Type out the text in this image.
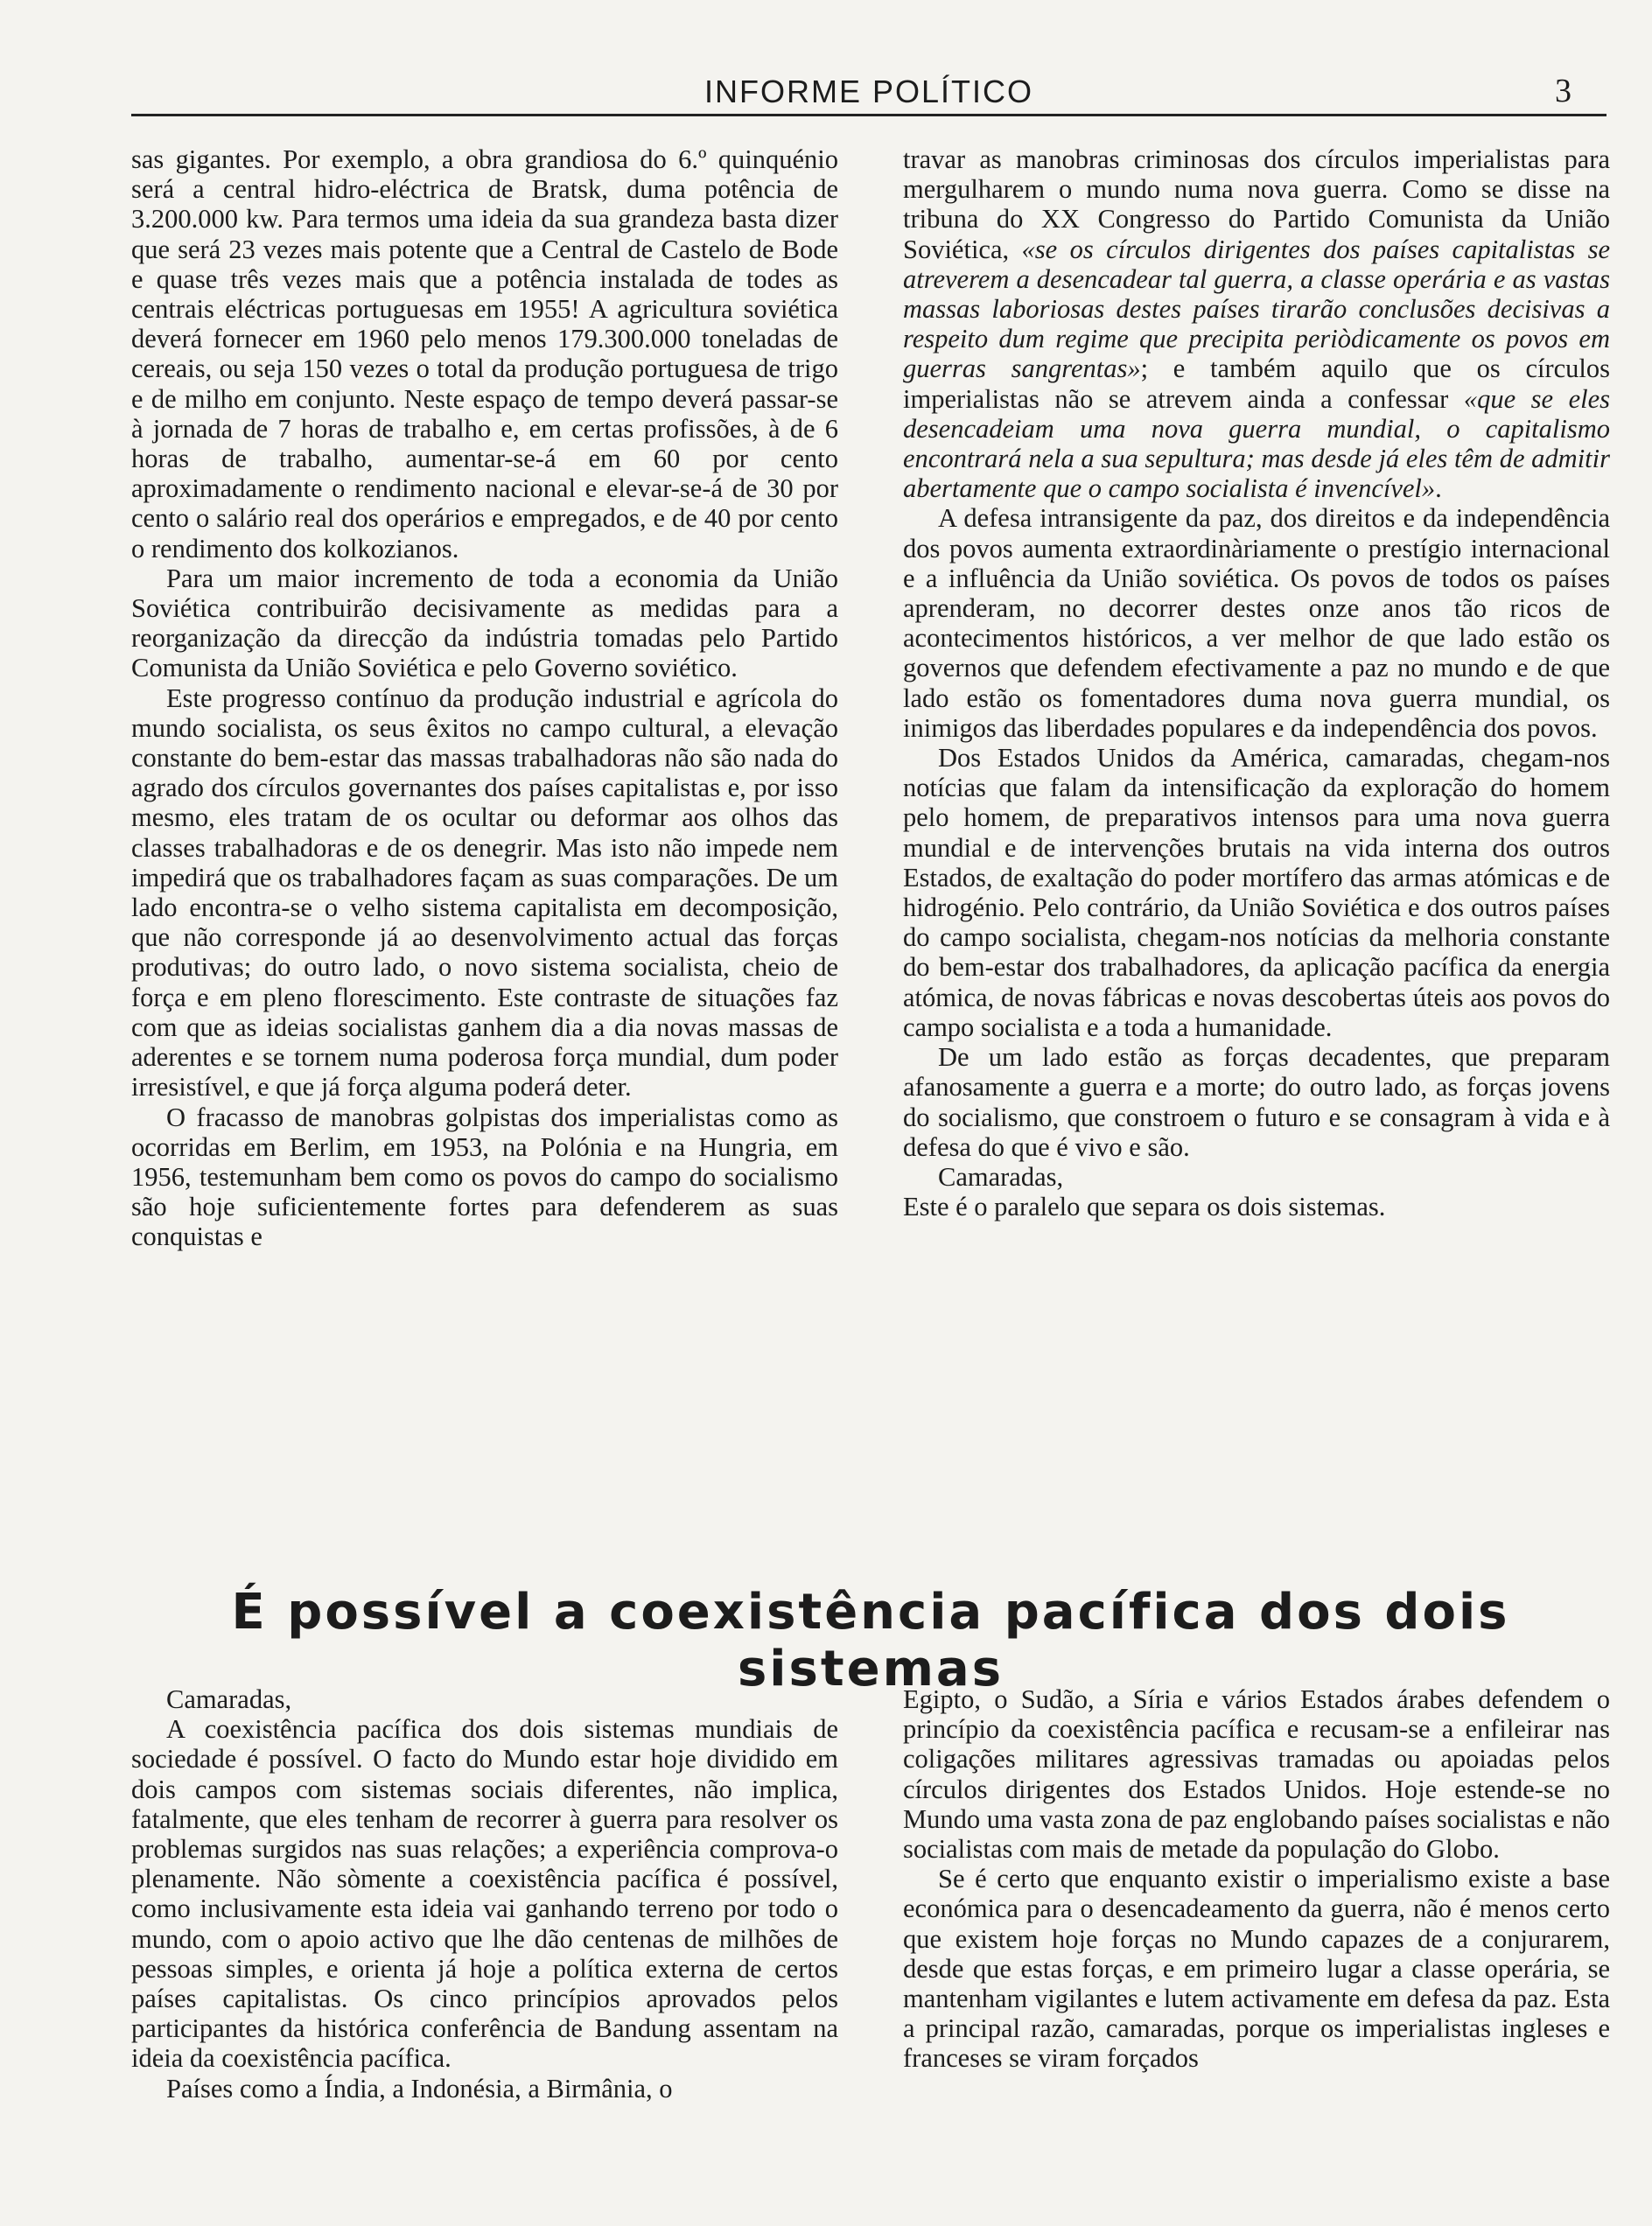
INFORME POLÍTICO	3

sas gigantes. Por exemplo, a obra grandiosa do 6.º quinquénio será a central hidro-eléctrica de Bratsk, duma potência de 3.200.000 kw. Para termos uma ideia da sua grandeza basta dizer que será 23 vezes mais potente que a Central de Castelo de Bode e quase três vezes mais que a potência instalada de todes as centrais eléctricas portuguesas em 1955! A agricultura soviética deverá fornecer em 1960 pelo menos 179.300.000 toneladas de cereais, ou seja 150 vezes o total da produção portuguesa de trigo e de milho em conjunto. Neste espaço de tempo deverá passar-se à jornada de 7 horas de trabalho e, em certas profissões, à de 6 horas de trabalho, aumentar-se-á em 60 por cento aproximadamente o rendimento nacional e elevar-se-á de 30 por cento o salário real dos operários e empregados, e de 40 por cento o rendimento dos kolkozianos.

Para um maior incremento de toda a economia da União Soviética contribuirão decisivamente as medidas para a reorganização da direcção da indústria tomadas pelo Partido Comunista da União Soviética e pelo Governo soviético.

Este progresso contínuo da produção industrial e agrícola do mundo socialista, os seus êxitos no campo cultural, a elevação constante do bem-estar das massas trabalhadoras não são nada do agrado dos círculos governantes dos países capitalistas e, por isso mesmo, eles tratam de os ocultar ou deformar aos olhos das classes trabalhadoras e de os denegrir. Mas isto não impede nem impedirá que os trabalhadores façam as suas comparações. De um lado encontra-se o velho sistema capitalista em decomposição, que não corresponde já ao desenvolvimento actual das forças produtivas; do outro lado, o novo sistema socialista, cheio de força e em pleno florescimento. Este contraste de situações faz com que as ideias socialistas ganhem dia a dia novas massas de aderentes e se tornem numa poderosa força mundial, dum poder irresistível, e que já força alguma poderá deter.

O fracasso de manobras golpistas dos imperialistas como as ocorridas em Berlim, em 1953, na Polónia e na Hungria, em 1956, testemunham bem como os povos do campo do socialismo são hoje suficientemente fortes para defenderem as suas conquistas e

travar as manobras criminosas dos círculos imperialistas para mergulharem o mundo numa nova guerra. Como se disse na tribuna do XX Congresso do Partido Comunista da União Soviética, «se os círculos dirigentes dos países capitalistas se atreverem a desencadear tal guerra, a classe operária e as vastas massas laboriosas destes países tirarão conclusões decisivas a respeito dum regime que precipita periòdicamente os povos em guerras sangrentas»; e também aquilo que os círculos imperialistas não se atrevem ainda a confessar «que se eles desencadeiam uma nova guerra mundial, o capitalismo encontrará nela a sua sepultura; mas desde já eles têm de admitir abertamente que o campo socialista é invencível».

A defesa intransigente da paz, dos direitos e da independência dos povos aumenta extraordinàriamente o prestígio internacional e a influência da União soviética. Os povos de todos os países aprenderam, no decorrer destes onze anos tão ricos de acontecimentos históricos, a ver melhor de que lado estão os governos que defendem efectivamente a paz no mundo e de que lado estão os fomentadores duma nova guerra mundial, os inimigos das liberdades populares e da independência dos povos.

Dos Estados Unidos da América, camaradas, chegam-nos notícias que falam da intensificação da exploração do homem pelo homem, de preparativos intensos para uma nova guerra mundial e de intervenções brutais na vida interna dos outros Estados, de exaltação do poder mortífero das armas atómicas e de hidrogénio. Pelo contrário, da União Soviética e dos outros países do campo socialista, chegam-nos notícias da melhoria constante do bem-estar dos trabalhadores, da aplicação pacífica da energia atómica, de novas fábricas e novas descobertas úteis aos povos do campo socialista e a toda a humanidade.

De um lado estão as forças decadentes, que preparam afanosamente a guerra e a morte; do outro lado, as forças jovens do socialismo, que constroem o futuro e se consagram à vida e à defesa do que é vivo e são.

Camaradas,

Este é o paralelo que separa os dois sistemas.

É possível a coexistência pacífica dos dois sistemas

Camaradas,

A coexistência pacífica dos dois sistemas mundiais de sociedade é possível. O facto do Mundo estar hoje dividido em dois campos com sistemas sociais diferentes, não implica, fatalmente, que eles tenham de recorrer à guerra para resolver os problemas surgidos nas suas relações; a experiência comprova-o plenamente. Não sòmente a coexistência pacífica é possível, como inclusivamente esta ideia vai ganhando terreno por todo o mundo, com o apoio activo que lhe dão centenas de milhões de pessoas simples, e orienta já hoje a política externa de certos países capitalistas. Os cinco princípios aprovados pelos participantes da histórica conferência de Bandung assentam na ideia da coexistência pacífica.

Países como a Índia, a Indonésia, a Birmânia, o

Egipto, o Sudão, a Síria e vários Estados árabes defendem o princípio da coexistência pacífica e recusam-se a enfileirar nas coligações militares agressivas tramadas ou apoiadas pelos círculos dirigentes dos Estados Unidos. Hoje estende-se no Mundo uma vasta zona de paz englobando países socialistas e não socialistas com mais de metade da população do Globo.

Se é certo que enquanto existir o imperialismo existe a base económica para o desencadeamento da guerra, não é menos certo que existem hoje forças no Mundo capazes de a conjurarem, desde que estas forças, e em primeiro lugar a classe operária, se mantenham vigilantes e lutem activamente em defesa da paz. Esta a principal razão, camaradas, porque os imperialistas ingleses e franceses se viram forçados
